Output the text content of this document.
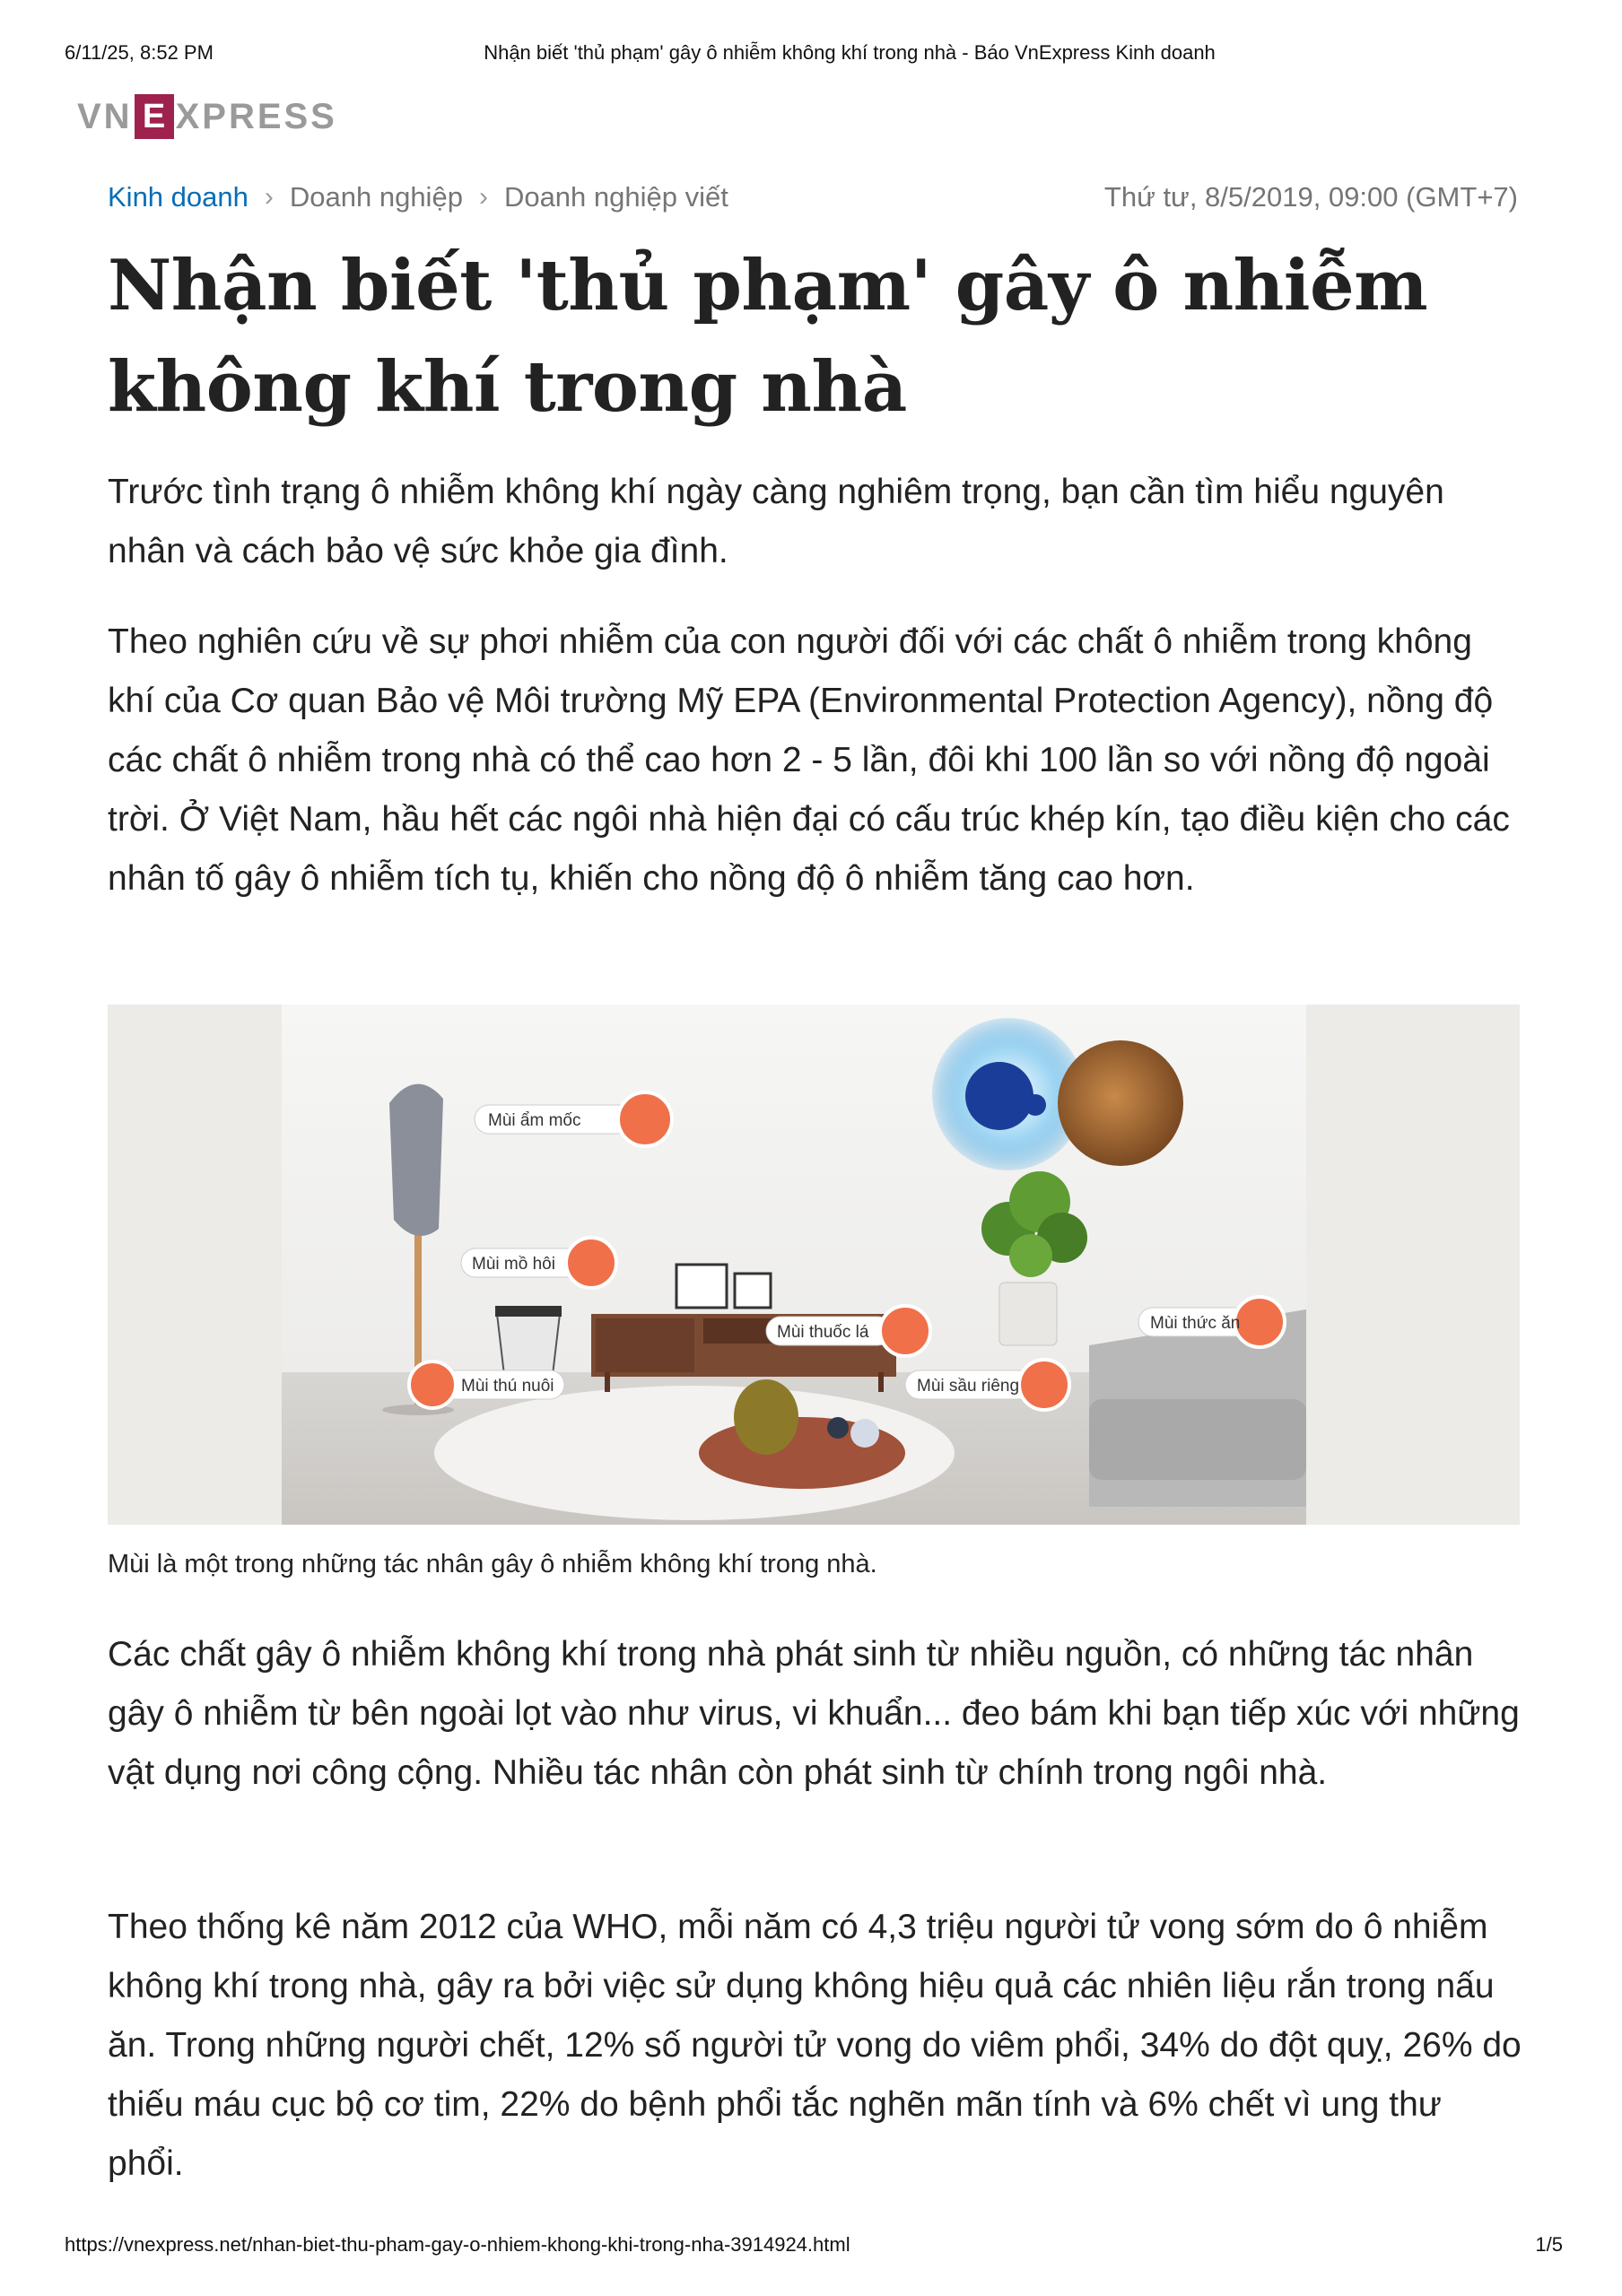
6/11/25, 8:52 PM	Nhận biết 'thủ phạm' gây ô nhiễm không khí trong nhà - Báo VnExpress Kinh doanh
VN E XPRESS
Kinh doanh › Doanh nghiệp › Doanh nghiệp viết	Thứ tư, 8/5/2019, 09:00 (GMT+7)
Nhận biết 'thủ phạm' gây ô nhiễm không khí trong nhà

Trước tình trạng ô nhiễm không khí ngày càng nghiêm trọng, bạn cần tìm hiểu nguyên nhân và cách bảo vệ sức khỏe gia đình.

Theo nghiên cứu về sự phơi nhiễm của con người đối với các chất ô nhiễm trong không khí của Cơ quan Bảo vệ Môi trường Mỹ EPA (Environmental Protection Agency), nồng độ các chất ô nhiễm trong nhà có thể cao hơn 2 - 5 lần, đôi khi 100 lần so với nồng độ ngoài trời. Ở Việt Nam, hầu hết các ngôi nhà hiện đại có cấu trúc khép kín, tạo điều kiện cho các nhân tố gây ô nhiễm tích tụ, khiến cho nồng độ ô nhiễm tăng cao hơn.

Mùi ẩm mốc
Mùi mồ hôi
Mùi thuốc lá	Mùi thức ăn
Mùi thú nuôi	Mùi sầu riêng
Mùi là một trong những tác nhân gây ô nhiễm không khí trong nhà.

Các chất gây ô nhiễm không khí trong nhà phát sinh từ nhiều nguồn, có những tác nhân gây ô nhiễm từ bên ngoài lọt vào như virus, vi khuẩn... đeo bám khi bạn tiếp xúc với những vật dụng nơi công cộng. Nhiều tác nhân còn phát sinh từ chính trong ngôi nhà.

Theo thống kê năm 2012 của WHO, mỗi năm có 4,3 triệu người tử vong sớm do ô nhiễm không khí trong nhà, gây ra bởi việc sử dụng không hiệu quả các nhiên liệu rắn trong nấu ăn. Trong những người chết, 12% số người tử vong do viêm phổi, 34% do đột quỵ, 26% do thiếu máu cục bộ cơ tim, 22% do bệnh phổi tắc nghẽn mãn tính và 6% chết vì ung thư phổi.

https://vnexpress.net/nhan-biet-thu-pham-gay-o-nhiem-khong-khi-trong-nha-3914924.html	1/5
